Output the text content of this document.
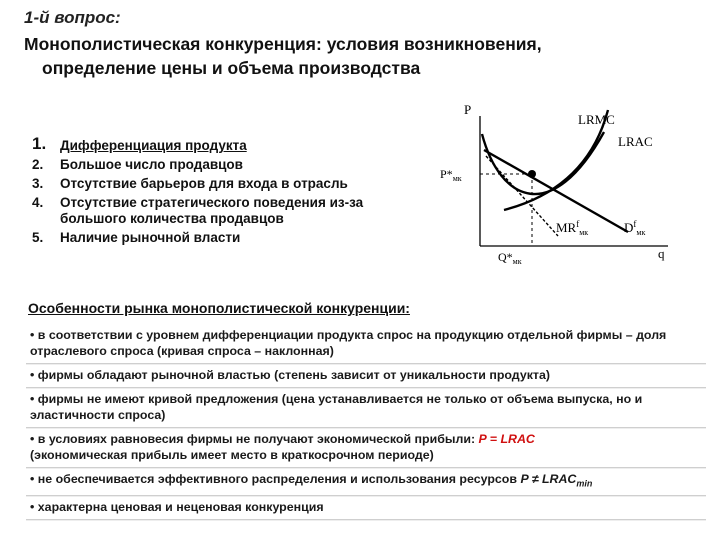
1-й вопрос:
Монополистическая конкуренция: условия возникновения,
определение цены и объема производства
1. Дифференциация продукта
2. Большое число продавцов
3. Отсутствие барьеров для входа в отрасль
4. Отсутствие стратегического поведения из-за большого количества продавцов
5. Наличие рыночной власти
P
q
LRMC
LRAC
$MR^f_{мк}$	$D^f_{мк}$
$P*_{мк}$
$Q*_{мк}$
Особенности рынка монополистической конкуренции:
• в соответствии с уровнем дифференциации продукта спрос на продукцию отдельной фирмы – доля отраслевого спроса (кривая спроса – наклонная)
• фирмы обладают рыночной властью (степень зависит от уникальности продукта)
• фирмы не имеют кривой предложения (цена устанавливается не только от объема выпуска, но и эластичности спроса)
• в условиях равновесия фирмы не получают экономической прибыли: P = LRAC
(экономическая прибыль имеет место в краткосрочном периоде)
• не обеспечивается эффективного распределения и использования ресурсов $P \ne LRAC_{min}$
• характерна ценовая и неценовая конкуренция
